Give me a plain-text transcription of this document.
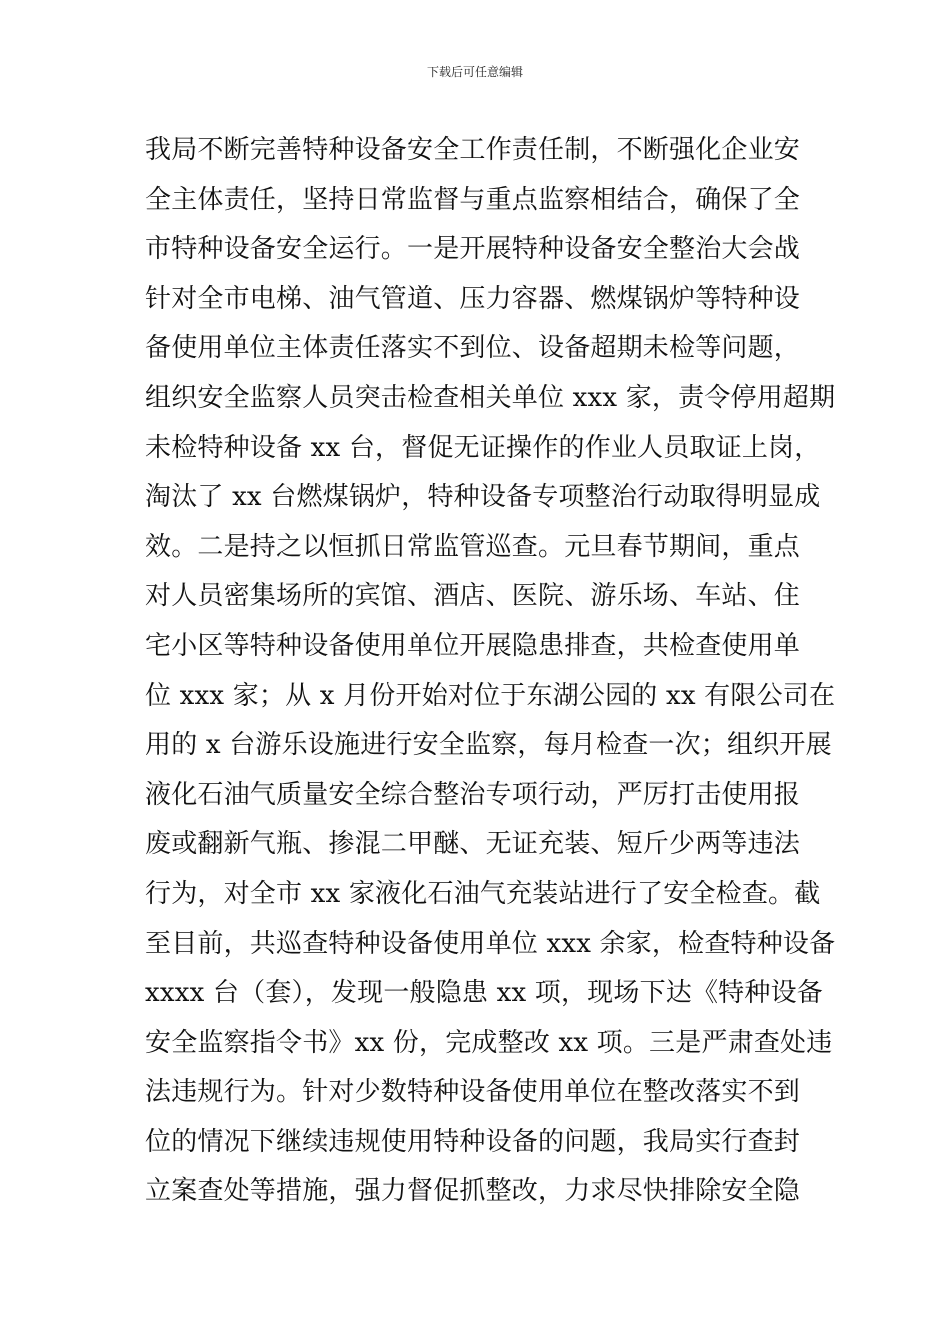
下载后可任意编辑
我局不断完善特种设备安全工作责任制，不断强化企业安
全主体责任，坚持日常监督与重点监察相结合，确保了全
市特种设备安全运行。一是开展特种设备安全整治大会战
针对全市电梯、油气管道、压力容器、燃煤锅炉等特种设
备使用单位主体责任落实不到位、设备超期未检等问题，
组织安全监察人员突击检查相关单位 xxx 家，责令停用超期
未检特种设备 xx 台，督促无证操作的作业人员取证上岗，
淘汰了 xx 台燃煤锅炉，特种设备专项整治行动取得明显成
效。二是持之以恒抓日常监管巡查。元旦春节期间，重点
对人员密集场所的宾馆、酒店、医院、游乐场、车站、住
宅小区等特种设备使用单位开展隐患排查，共检查使用单
位 xxx 家；从 x 月份开始对位于东湖公园的 xx 有限公司在
用的 x 台游乐设施进行安全监察，每月检查一次；组织开展
液化石油气质量安全综合整治专项行动，严厉打击使用报
废或翻新气瓶、掺混二甲醚、无证充装、短斤少两等违法
行为，对全市 xx 家液化石油气充装站进行了安全检查。截
至目前，共巡查特种设备使用单位 xxx 余家，检查特种设备
xxxx 台（套），发现一般隐患 xx 项，现场下达《特种设备
安全监察指令书》xx 份，完成整改 xx 项。三是严肃查处违
法违规行为。针对少数特种设备使用单位在整改落实不到
位的情况下继续违规使用特种设备的问题，我局实行查封
立案查处等措施，强力督促抓整改，力求尽快排除安全隐
